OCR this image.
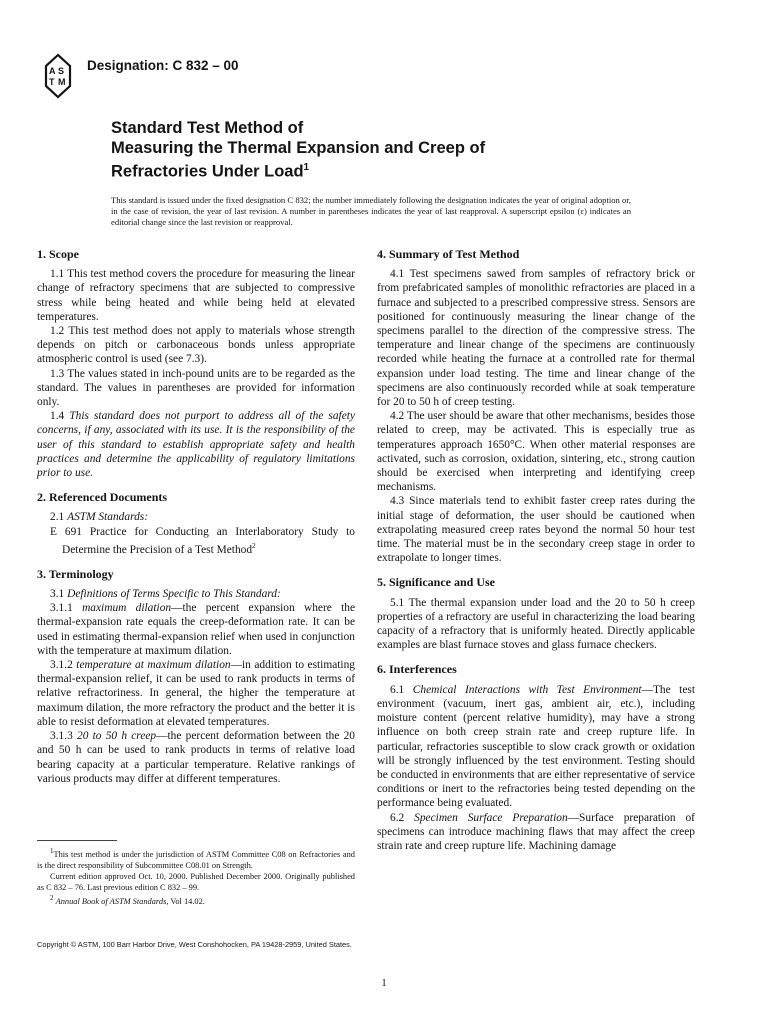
A S
T M
Designation: C 832 – 00
Standard Test Method of
Measuring the Thermal Expansion and Creep of
Refractories Under Load$^1$
This standard is issued under the fixed designation C 832; the number immediately following the designation indicates the year of original adoption or, in the case of revision, the year of last revision. A number in parentheses indicates the year of last reapproval. A superscript epsilon (ε) indicates an editorial change since the last revision or reapproval.
1. Scope

1.1 This test method covers the procedure for measuring the linear change of refractory specimens that are subjected to compressive stress while being heated and while being held at elevated temperatures.

1.2 This test method does not apply to materials whose strength depends on pitch or carbonaceous bonds unless appropriate atmospheric control is used (see 7.3).

1.3 The values stated in inch-pound units are to be regarded as the standard. The values in parentheses are provided for information only.

1.4 This standard does not purport to address all of the safety concerns, if any, associated with its use. It is the responsibility of the user of this standard to establish appropriate safety and health practices and determine the applicability of regulatory limitations prior to use.

2. Referenced Documents

2.1 ASTM Standards:

E 691 Practice for Conducting an Interlaboratory Study to Determine the Precision of a Test Method$^2$

3. Terminology

3.1 Definitions of Terms Specific to This Standard:

3.1.1 maximum dilation—the percent expansion where the thermal-expansion rate equals the creep-deformation rate. It can be used in estimating thermal-expansion relief when used in conjunction with the temperature at maximum dilation.

3.1.2 temperature at maximum dilation—in addition to estimating thermal-expansion relief, it can be used to rank products in terms of relative refractoriness. In general, the higher the temperature at maximum dilation, the more refractory the product and the better it is able to resist deformation at elevated temperatures.

3.1.3 20 to 50 h creep—the percent deformation between the 20 and 50 h can be used to rank products in terms of relative load bearing capacity at a particular temperature. Relative rankings of various products may differ at different temperatures.

$^1$This test method is under the jurisdiction of ASTM Committee C08 on Refractories and is the direct responsibility of Subcommittee C08.01 on Strength.

Current edition approved Oct. 10, 2000. Published December 2000. Originally published as C 832 – 76. Last previous edition C 832 – 99.

$^2$ Annual Book of ASTM Standards, Vol 14.02.

4. Summary of Test Method

4.1 Test specimens sawed from samples of refractory brick or from prefabricated samples of monolithic refractories are placed in a furnace and subjected to a prescribed compressive stress. Sensors are positioned for continuously measuring the linear change of the specimens parallel to the direction of the compressive stress. The temperature and linear change of the specimens are continuously recorded while heating the furnace at a controlled rate for thermal expansion under load testing. The time and linear change of the specimens are also continuously recorded while at soak temperature for 20 to 50 h of creep testing.

4.2 The user should be aware that other mechanisms, besides those related to creep, may be activated. This is especially true as temperatures approach 1650°C. When other material responses are activated, such as corrosion, oxidation, sintering, etc., strong caution should be exercised when interpreting and identifying creep mechanisms.

4.3 Since materials tend to exhibit faster creep rates during the initial stage of deformation, the user should be cautioned when extrapolating measured creep rates beyond the normal 50 hour test time. The material must be in the secondary creep stage in order to extrapolate to longer times.

5. Significance and Use

5.1 The thermal expansion under load and the 20 to 50 h creep properties of a refractory are useful in characterizing the load bearing capacity of a refractory that is uniformly heated. Directly applicable examples are blast furnace stoves and glass furnace checkers.

6. Interferences

6.1 Chemical Interactions with Test Environment—The test environment (vacuum, inert gas, ambient air, etc.), including moisture content (percent relative humidity), may have a strong influence on both creep strain rate and creep rupture life. In particular, refractories susceptible to slow crack growth or oxidation will be strongly influenced by the test environment. Testing should be conducted in environments that are either representative of service conditions or inert to the refractories being tested depending on the performance being evaluated.

6.2 Specimen Surface Preparation—Surface preparation of specimens can introduce machining flaws that may affect the creep strain rate and creep rupture life. Machining damage

Copyright © ASTM, 100 Barr Harbor Drive, West Conshohocken, PA 19428-2959, United States.
1
